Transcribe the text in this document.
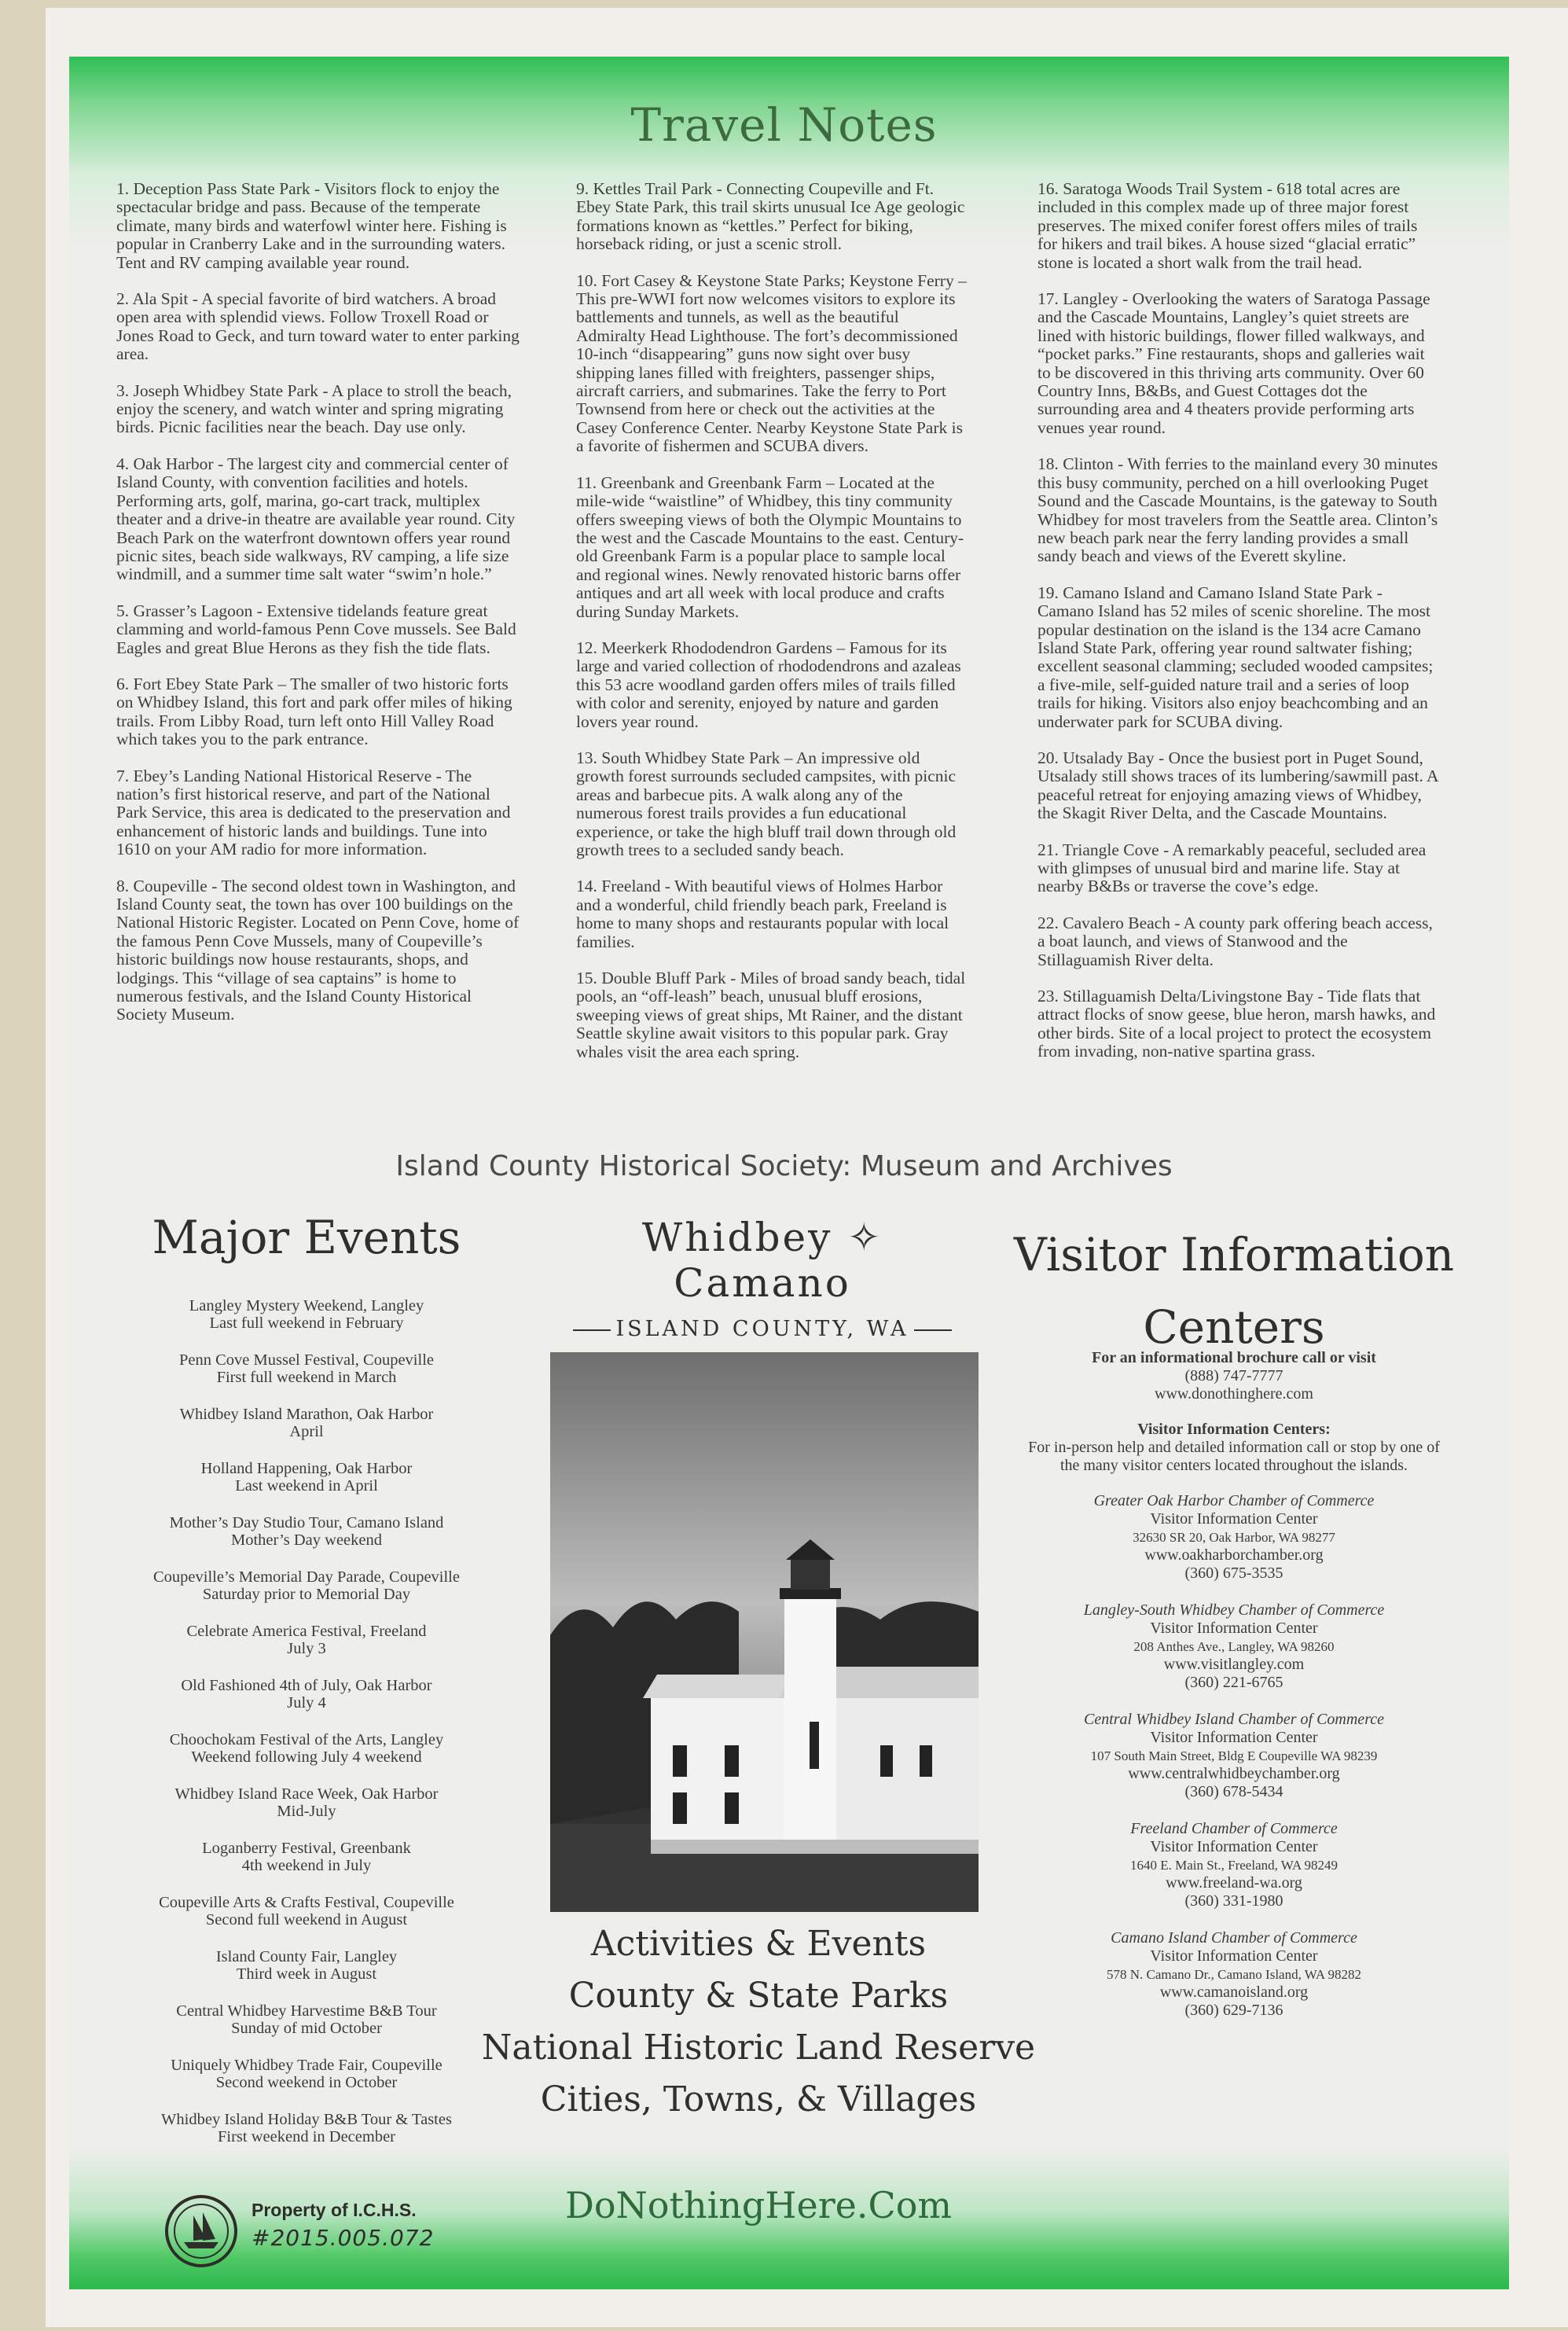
Travel Notes

1. Deception Pass State Park - Visitors flock to enjoy the spectacular bridge and pass. Because of the temperate climate, many birds and waterfowl winter here. Fishing is popular in Cranberry Lake and in the surrounding waters. Tent and RV camping available year round.

2. Ala Spit - A special favorite of bird watchers. A broad open area with splendid views. Follow Troxell Road or Jones Road to Geck, and turn toward water to enter parking area.

3. Joseph Whidbey State Park - A place to stroll the beach, enjoy the scenery, and watch winter and spring migrating birds. Picnic facilities near the beach. Day use only.

4. Oak Harbor - The largest city and commercial center of Island County, with convention facilities and hotels. Performing arts, golf, marina, go-cart track, multiplex theater and a drive-in theatre are available year round. City Beach Park on the waterfront downtown offers year round picnic sites, beach side walkways, RV camping, a life size windmill, and a summer time salt water “swim’n hole.”

5. Grasser’s Lagoon - Extensive tidelands feature great clamming and world-famous Penn Cove mussels. See Bald Eagles and great Blue Herons as they fish the tide flats.

6. Fort Ebey State Park – The smaller of two historic forts on Whidbey Island, this fort and park offer miles of hiking trails. From Libby Road, turn left onto Hill Valley Road which takes you to the park entrance.

7. Ebey’s Landing National Historical Reserve - The nation’s first historical reserve, and part of the National Park Service, this area is dedicated to the preservation and enhancement of historic lands and buildings. Tune into 1610 on your AM radio for more information.

8. Coupeville - The second oldest town in Washington, and Island County seat, the town has over 100 buildings on the National Historic Register. Located on Penn Cove, home of the famous Penn Cove Mussels, many of Coupeville’s historic buildings now house restaurants, shops, and lodgings. This “village of sea captains” is home to numerous festivals, and the Island County Historical Society Museum.

9. Kettles Trail Park - Connecting Coupeville and Ft. Ebey State Park, this trail skirts unusual Ice Age geologic formations known as “kettles.” Perfect for biking, horseback riding, or just a scenic stroll.

10. Fort Casey & Keystone State Parks; Keystone Ferry – This pre-WWI fort now welcomes visitors to explore its battlements and tunnels, as well as the beautiful Admiralty Head Lighthouse. The fort’s decommissioned 10-inch “disappearing” guns now sight over busy shipping lanes filled with freighters, passenger ships, aircraft carriers, and submarines. Take the ferry to Port Townsend from here or check out the activities at the Casey Conference Center. Nearby Keystone State Park is a favorite of fishermen and SCUBA divers.

11. Greenbank and Greenbank Farm – Located at the mile-wide “waistline” of Whidbey, this tiny community offers sweeping views of both the Olympic Mountains to the west and the Cascade Mountains to the east. Century-old Greenbank Farm is a popular place to sample local and regional wines. Newly renovated historic barns offer antiques and art all week with local produce and crafts during Sunday Markets.

12. Meerkerk Rhododendron Gardens – Famous for its large and varied collection of rhododendrons and azaleas this 53 acre woodland garden offers miles of trails filled with color and serenity, enjoyed by nature and garden lovers year round.

13. South Whidbey State Park – An impressive old growth forest surrounds secluded campsites, with picnic areas and barbecue pits. A walk along any of the numerous forest trails provides a fun educational experience, or take the high bluff trail down through old growth trees to a secluded sandy beach.

14. Freeland - With beautiful views of Holmes Harbor and a wonderful, child friendly beach park, Freeland is home to many shops and restaurants popular with local families.

15. Double Bluff Park - Miles of broad sandy beach, tidal pools, an “off-leash” beach, unusual bluff erosions, sweeping views of great ships, Mt Rainer, and the distant Seattle skyline await visitors to this popular park. Gray whales visit the area each spring.

16. Saratoga Woods Trail System - 618 total acres are included in this complex made up of three major forest preserves. The mixed conifer forest offers miles of trails for hikers and trail bikes. A house sized “glacial erratic” stone is located a short walk from the trail head.

17. Langley - Overlooking the waters of Saratoga Passage and the Cascade Mountains, Langley’s quiet streets are lined with historic buildings, flower filled walkways, and “pocket parks.” Fine restaurants, shops and galleries wait to be discovered in this thriving arts community. Over 60 Country Inns, B&Bs, and Guest Cottages dot the surrounding area and 4 theaters provide performing arts venues year round.

18. Clinton - With ferries to the mainland every 30 minutes this busy community, perched on a hill overlooking Puget Sound and the Cascade Mountains, is the gateway to South Whidbey for most travelers from the Seattle area. Clinton’s new beach park near the ferry landing provides a small sandy beach and views of the Everett skyline.

19. Camano Island and Camano Island State Park - Camano Island has 52 miles of scenic shoreline. The most popular destination on the island is the 134 acre Camano Island State Park, offering year round saltwater fishing; excellent seasonal clamming; secluded wooded campsites; a five-mile, self-guided nature trail and a series of loop trails for hiking. Visitors also enjoy beachcombing and an underwater park for SCUBA diving.

20. Utsalady Bay - Once the busiest port in Puget Sound, Utsalady still shows traces of its lumbering/sawmill past. A peaceful retreat for enjoying amazing views of Whidbey, the Skagit River Delta, and the Cascade Mountains.

21. Triangle Cove - A remarkably peaceful, secluded area with glimpses of unusual bird and marine life. Stay at nearby B&Bs or traverse the cove’s edge.

22. Cavalero Beach - A county park offering beach access, a boat launch, and views of Stanwood and the Stillaguamish River delta.

23. Stillaguamish Delta/Livingstone Bay - Tide flats that attract flocks of snow geese, blue heron, marsh hawks, and other birds. Site of a local project to protect the ecosystem from invading, non-native spartina grass.

Island County Historical Society: Museum and Archives
Major Events
Langley Mystery Weekend, Langley
Last full weekend in February
Penn Cove Mussel Festival, Coupeville
First full weekend in March
Whidbey Island Marathon, Oak Harbor
April
Holland Happening, Oak Harbor
Last weekend in April
Mother’s Day Studio Tour, Camano Island
Mother’s Day weekend
Coupeville’s Memorial Day Parade, Coupeville
Saturday prior to Memorial Day
Celebrate America Festival, Freeland
July 3
Old Fashioned 4th of July, Oak Harbor
July 4
Choochokam Festival of the Arts, Langley
Weekend following July 4 weekend
Whidbey Island Race Week, Oak Harbor
Mid-July
Loganberry Festival, Greenbank
4th weekend in July
Coupeville Arts & Crafts Festival, Coupeville
Second full weekend in August
Island County Fair, Langley
Third week in August
Central Whidbey Harvestime B&B Tour
Sunday of mid October
Uniquely Whidbey Trade Fair, Coupeville
Second weekend in October
Whidbey Island Holiday B&B Tour & Tastes
First weekend in December
Whidbey ✧ Camano
ISLAND COUNTY, WA
Activities & Events
County & State Parks
National Historic Land Reserve
Cities, Towns, & Villages
DoNothingHere.Com
Visitor Information
Centers
For an informational brochure call or visit
(888) 747-7777
www.donothinghere.com
Visitor Information Centers:
For in-person help and detailed information call or stop by one of the many visitor centers located throughout the islands.
Greater Oak Harbor Chamber of Commerce
Visitor Information Center
32630 SR 20, Oak Harbor, WA 98277
www.oakharborchamber.org
(360) 675-3535
Langley-South Whidbey Chamber of Commerce
Visitor Information Center
208 Anthes Ave., Langley, WA 98260
www.visitlangley.com
(360) 221-6765
Central Whidbey Island Chamber of Commerce
Visitor Information Center
107 South Main Street, Bldg E Coupeville WA 98239
www.centralwhidbeychamber.org
(360) 678-5434
Freeland Chamber of Commerce
Visitor Information Center
1640 E. Main St., Freeland, WA 98249
www.freeland-wa.org
(360) 331-1980
Camano Island Chamber of Commerce
Visitor Information Center
578 N. Camano Dr., Camano Island, WA 98282
www.camanoisland.org
(360) 629-7136
Property of I.C.H.S.
#2015.005.072
